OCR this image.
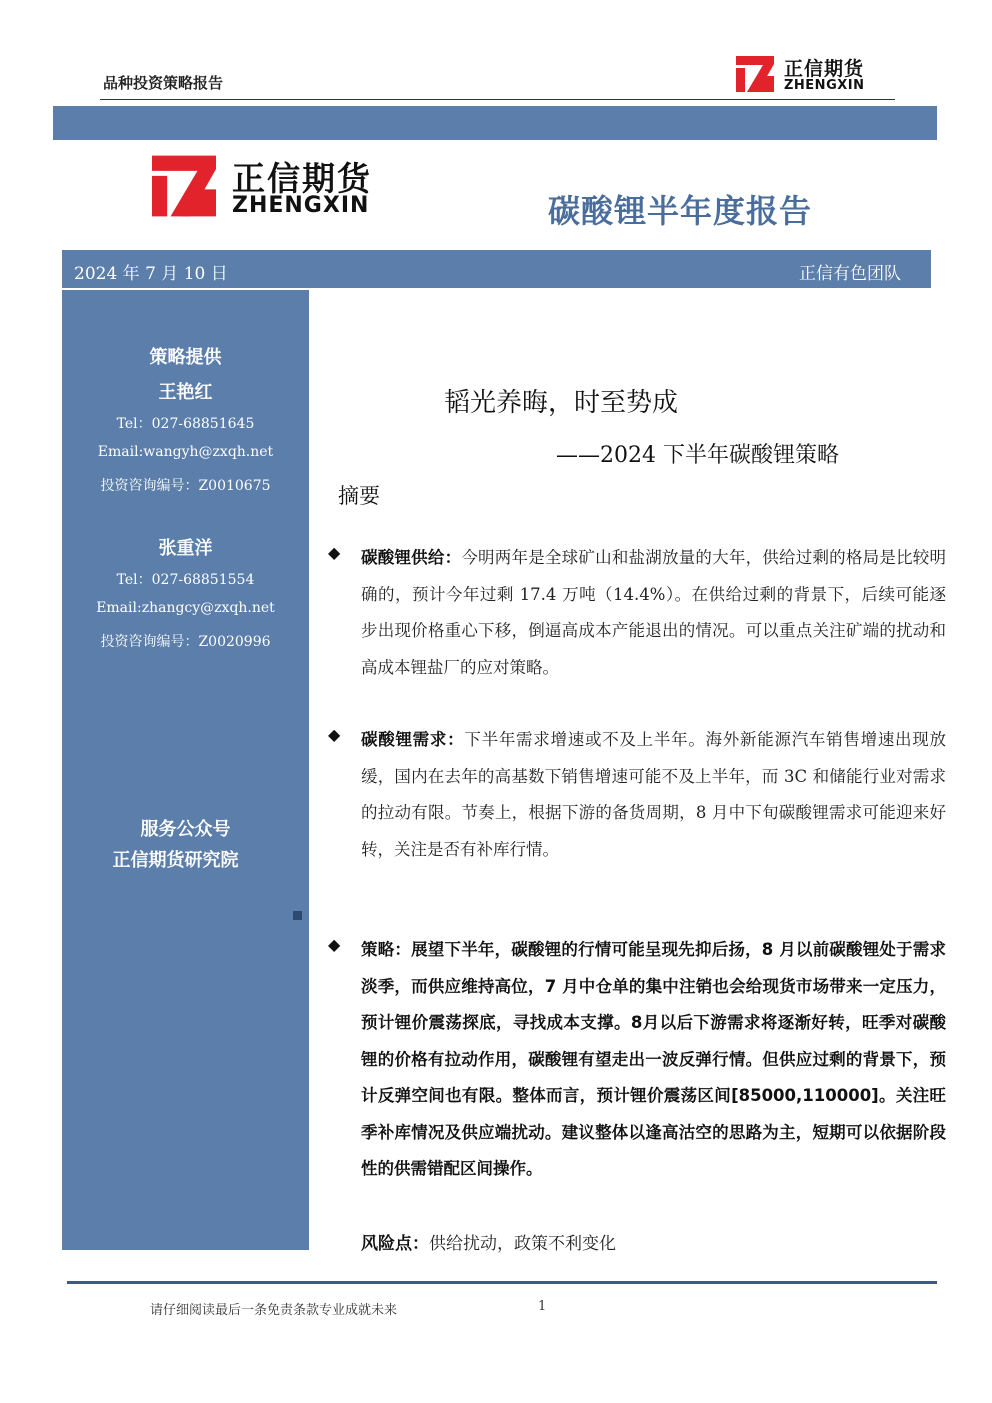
品种投资策略报告
正信期货
ZHENGXIN
正信期货
ZHENGXIN	碳酸锂半年度报告
2024 年 7 月 10 日	正信有色团队
策略提供
王艳红
Tel：027-68851645
Email:wangyh@zxqh.net
投资咨询编号：Z0010675
张重洋
Tel：027-68851554
Email:zhangcy@zxqh.net
投资咨询编号：Z0020996
服务公众号
正信期货研究院
韬光养晦，时至势成
——2024 下半年碳酸锂策略
摘要
◆ 碳酸锂供给：今明两年是全球矿山和盐湖放量的大年，供给过剩的格局是比较明确的，预计今年过剩 17.4 万吨（14.4%）。在供给过剩的背景下，后续可能逐步出现价格重心下移，倒逼高成本产能退出的情况。可以重点关注矿端的扰动和高成本锂盐厂的应对策略。
◆ 碳酸锂需求：下半年需求增速或不及上半年。海外新能源汽车销售增速出现放缓，国内在去年的高基数下销售增速可能不及上半年，而 3C 和储能行业对需求的拉动有限。节奏上，根据下游的备货周期，8 月中下旬碳酸锂需求可能迎来好转，关注是否有补库行情。
◆ 策略：展望下半年，碳酸锂的行情可能呈现先抑后扬，8 月以前碳酸锂处于需求淡季，而供应维持高位，7 月中仓单的集中注销也会给现货市场带来一定压力，预计锂价震荡探底，寻找成本支撑。8月以后下游需求将逐渐好转，旺季对碳酸锂的价格有拉动作用，碳酸锂有望走出一波反弹行情。但供应过剩的背景下，预计反弹空间也有限。整体而言，预计锂价震荡区间[85000,110000]。关注旺季补库情况及供应端扰动。建议整体以逢高沽空的思路为主，短期可以依据阶段性的供需错配区间操作。
风险点：供给扰动，政策不利变化
请仔细阅读最后一条免责条款专业成就未来	1
